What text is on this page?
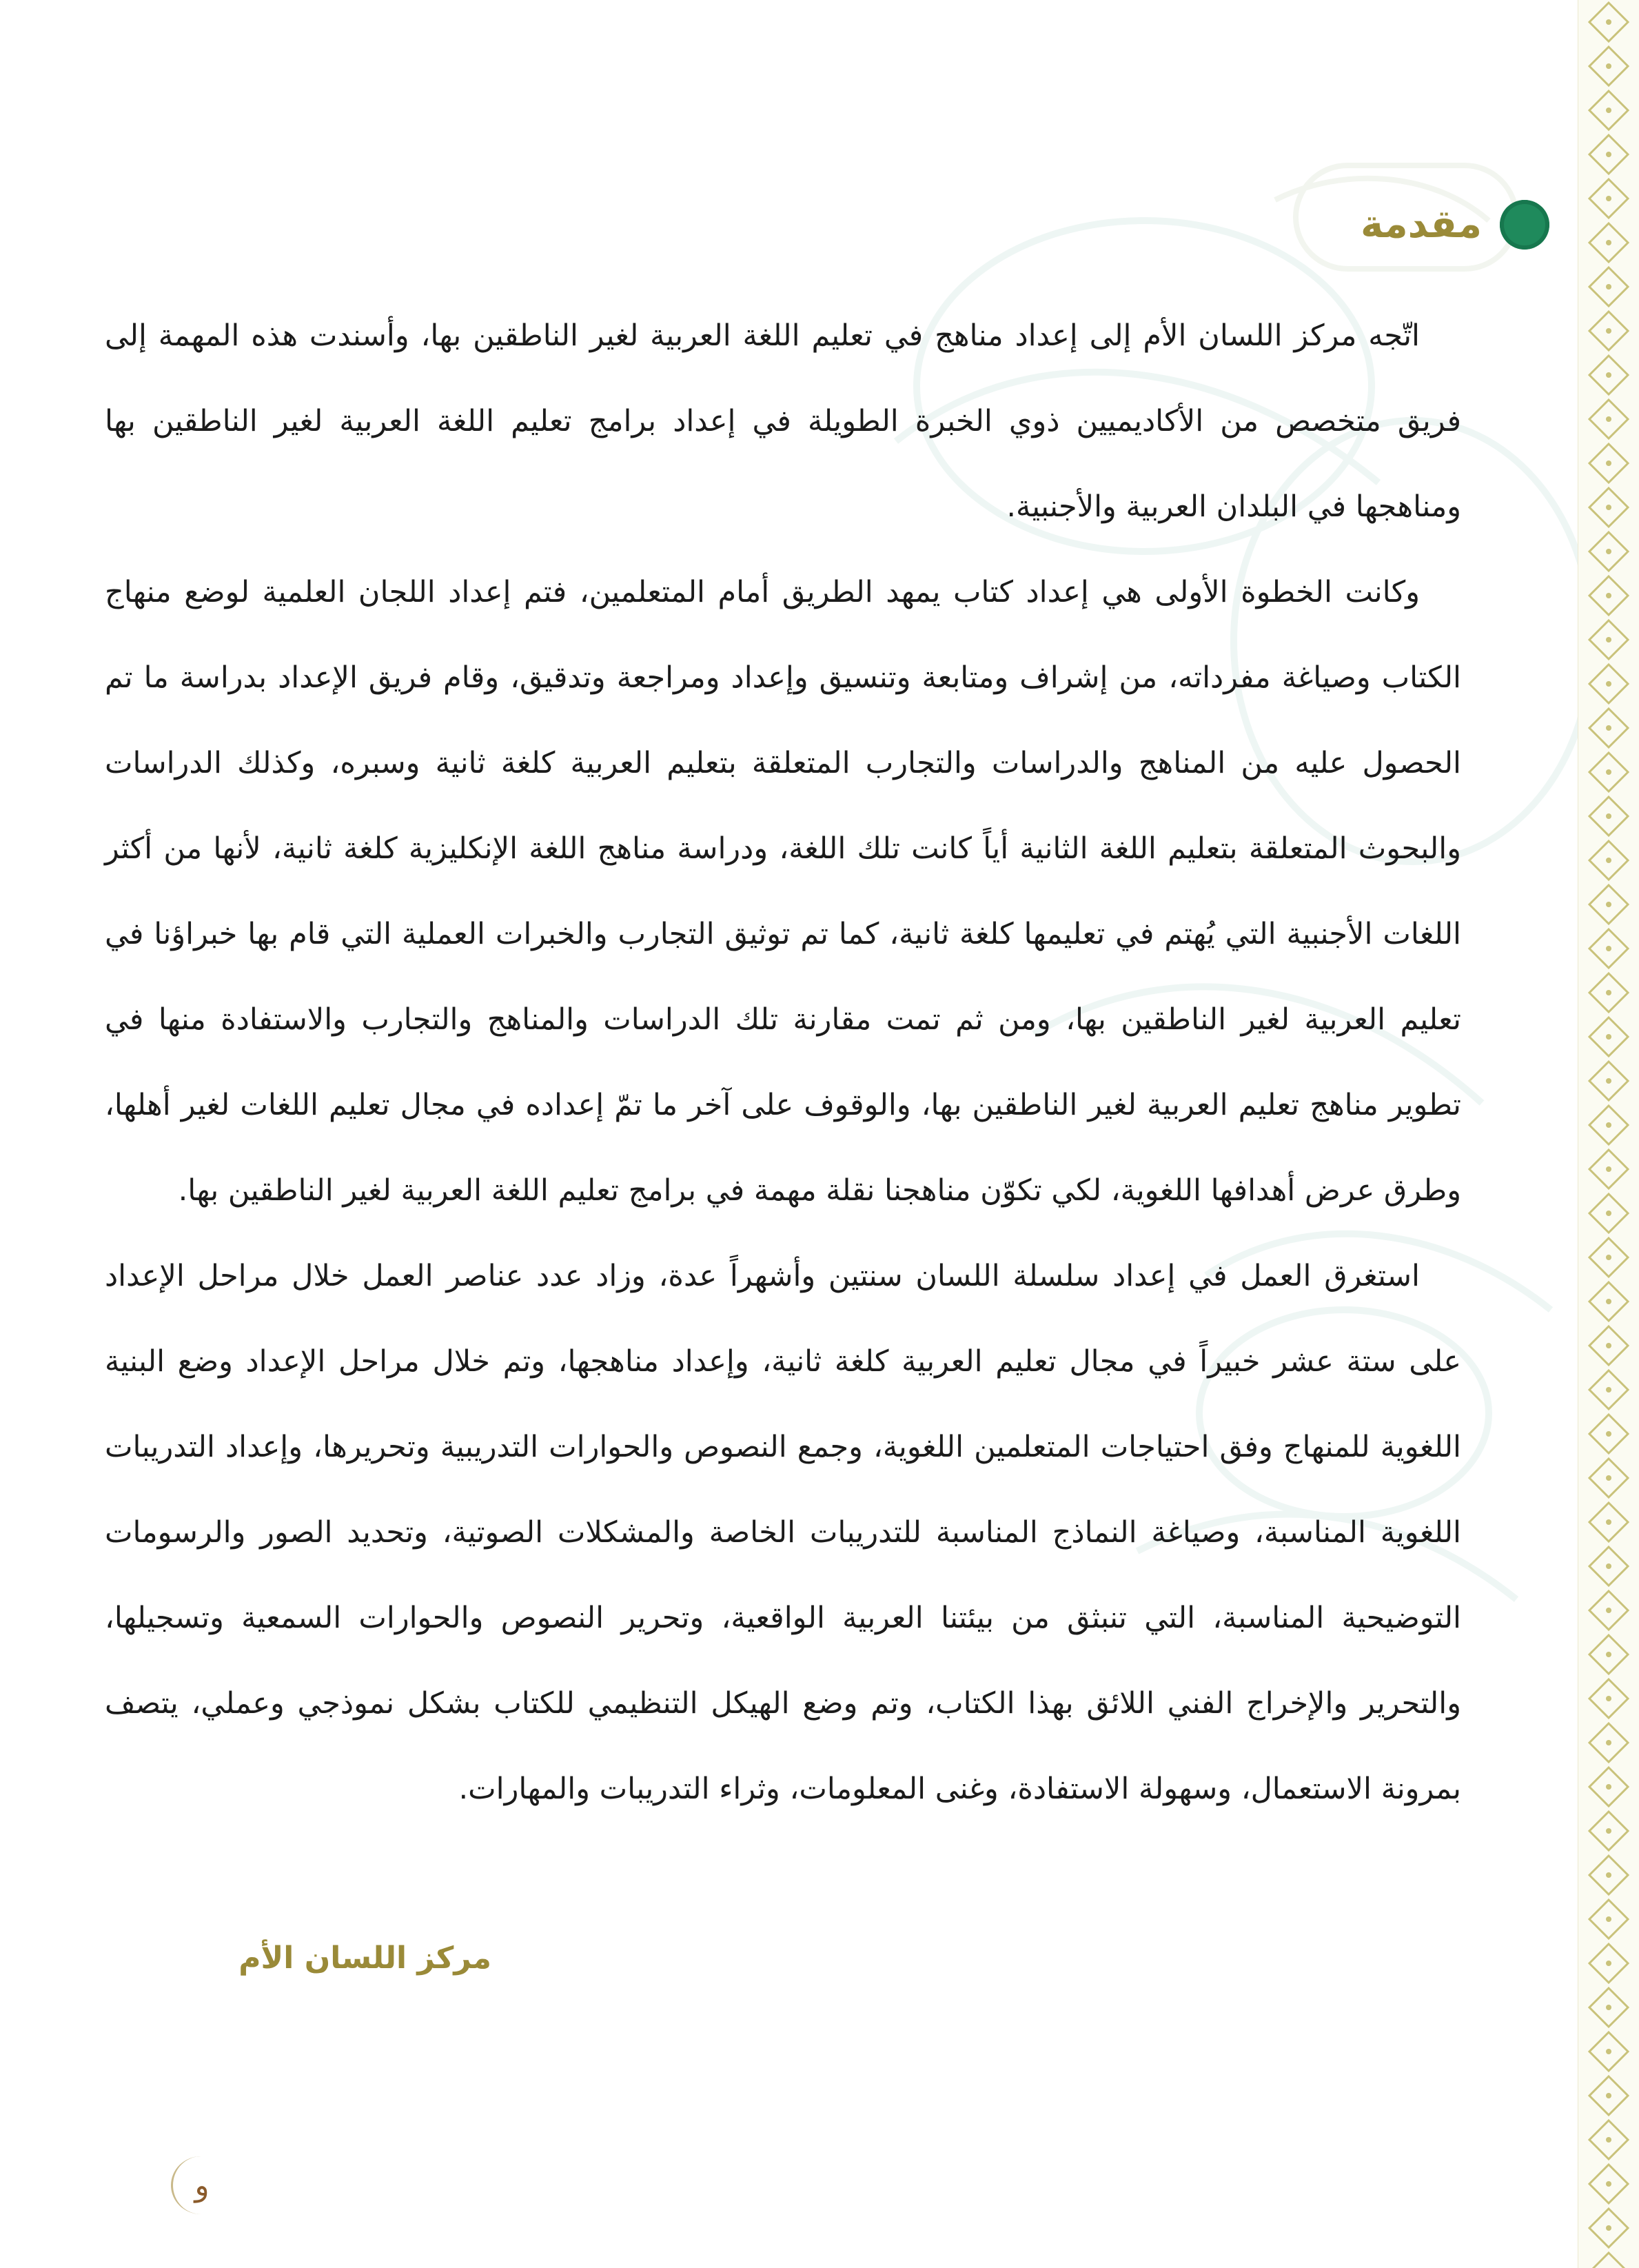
مقدمة

اتّجه مركز اللسان الأم إلى إعداد مناهج في تعليم اللغة العربية لغير الناطقين بها، وأسندت هذه المهمة إلى فريق متخصص من الأكاديميين ذوي الخبرة الطويلة في إعداد برامج تعليم اللغة العربية لغير الناطقين بها ومناهجها في البلدان العربية والأجنبية.

وكانت الخطوة الأولى هي إعداد كتاب يمهد الطريق أمام المتعلمين، فتم إعداد اللجان العلمية لوضع منهاج الكتاب وصياغة مفرداته، من إشراف ومتابعة وتنسيق وإعداد ومراجعة وتدقيق، وقام فريق الإعداد بدراسة ما تم الحصول عليه من المناهج والدراسات والتجارب المتعلقة بتعليم العربية كلغة ثانية وسبره، وكذلك الدراسات والبحوث المتعلقة بتعليم اللغة الثانية أياً كانت تلك اللغة، ودراسة مناهج اللغة الإنكليزية كلغة ثانية، لأنها من أكثر اللغات الأجنبية التي يُهتم في تعليمها كلغة ثانية، كما تم توثيق التجارب والخبرات العملية التي قام بها خبراؤنا في تعليم العربية لغير الناطقين بها، ومن ثم تمت مقارنة تلك الدراسات والمناهج والتجارب والاستفادة منها في تطوير مناهج تعليم العربية لغير الناطقين بها، والوقوف على آخر ما تمّ إعداده في مجال تعليم اللغات لغير أهلها، وطرق عرض أهدافها اللغوية، لكي تكوّن مناهجنا نقلة مهمة في برامج تعليم اللغة العربية لغير الناطقين بها.

استغرق العمل في إعداد سلسلة اللسان سنتين وأشهراً عدة، وزاد عدد عناصر العمل خلال مراحل الإعداد على ستة عشر خبيراً في مجال تعليم العربية كلغة ثانية، وإعداد مناهجها، وتم خلال مراحل الإعداد وضع البنية اللغوية للمنهاج وفق احتياجات المتعلمين اللغوية، وجمع النصوص والحوارات التدريبية وتحريرها، وإعداد التدريبات اللغوية المناسبة، وصياغة النماذج المناسبة للتدريبات الخاصة والمشكلات الصوتية، وتحديد الصور والرسومات التوضيحية المناسبة، التي تنبثق من بيئتنا العربية الواقعية، وتحرير النصوص والحوارات السمعية وتسجيلها، والتحرير والإخراج الفني اللائق بهذا الكتاب، وتم وضع الهيكل التنظيمي للكتاب بشكل نموذجي وعملي، يتصف بمرونة الاستعمال، وسهولة الاستفادة، وغنى المعلومات، وثراء التدريبات والمهارات.

مركز اللسان الأم
و
